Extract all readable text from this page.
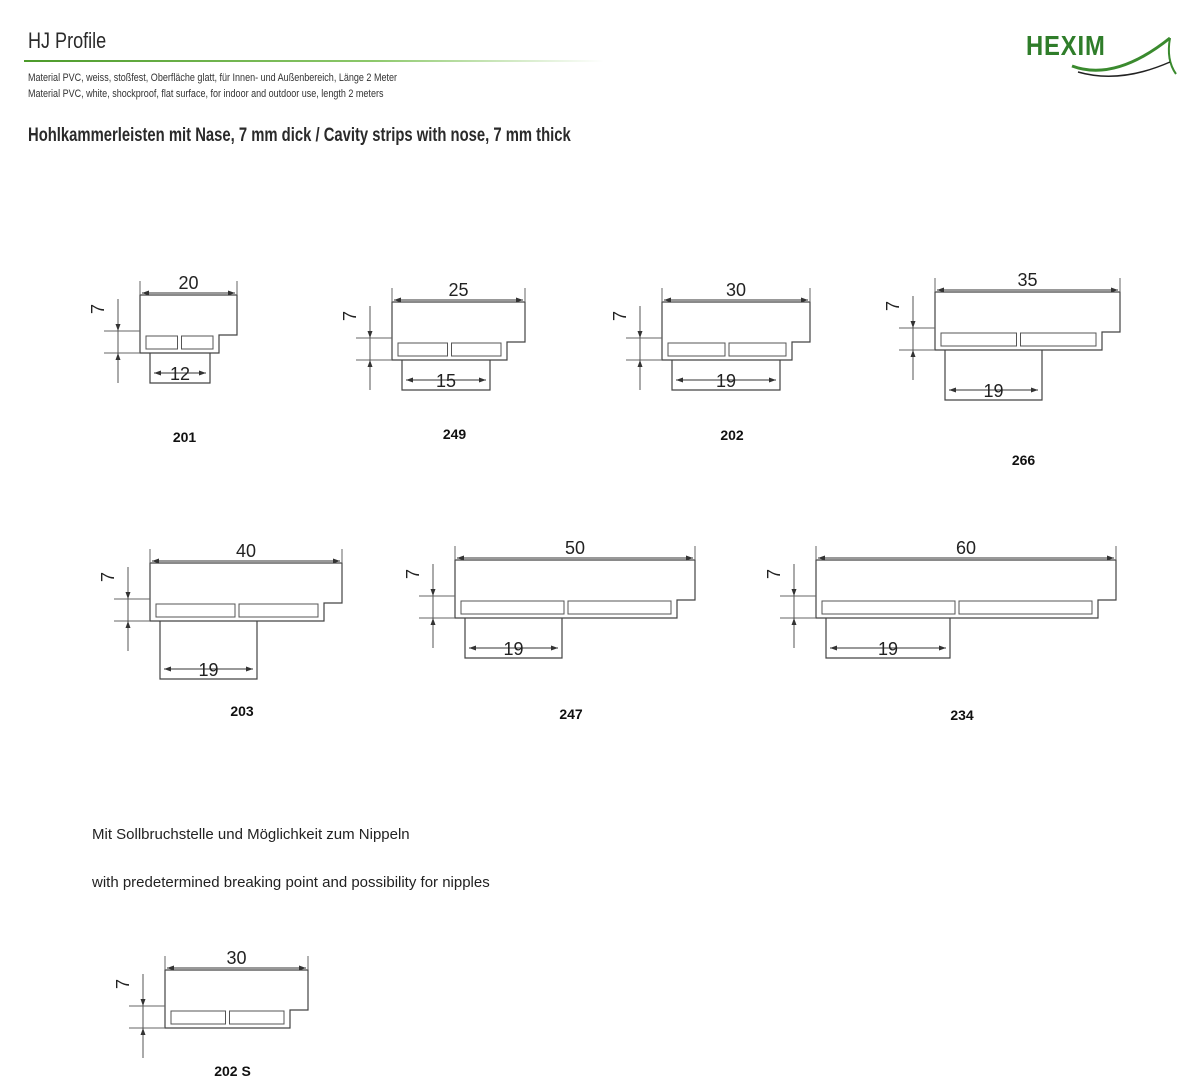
HJ Profile
Material PVC, weiss, stoßfest, Oberfläche glatt, für Innen- und Außenbereich, Länge 2 Meter
Material PVC, white, shockproof, flat surface, for indoor and outdoor use, length 2 meters
Hohlkammerleisten mit Nase, 7 mm dick / Cavity strips with nose, 7 mm thick
HEXIM
12
20
7
201
15
25
7
249
19
30
7
202
19
35
7
266
19
40
7
203
19
50
7
247
19
60
7
234
30
7
202 S
Mit Sollbruchstelle und Möglichkeit zum Nippeln
with predetermined breaking point and possibility for nipples
